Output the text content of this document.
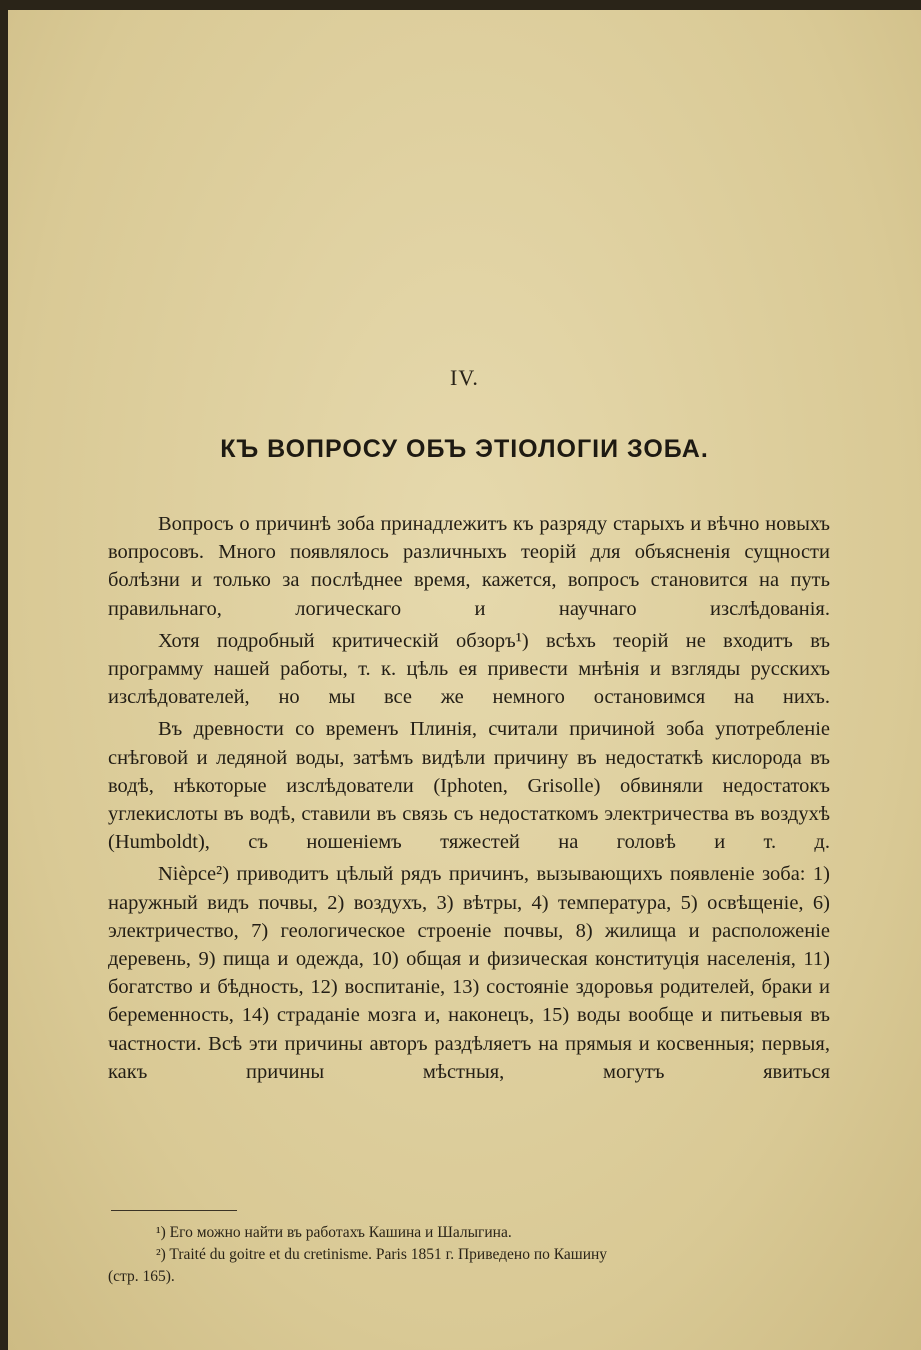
IV.
КЪ ВОПРОСУ ОБЪ ЭТІОЛОГІИ ЗОБА.

Вопросъ о причинѣ зоба принадлежитъ къ разряду старыхъ и вѣчно новыхъ вопросовъ. Много появлялось различныхъ теорій для объясненія сущности болѣзни и только за послѣднее время, кажется, вопросъ становится на путь правильнаго, логическаго и научнаго изслѣдованія.

Хотя подробный критическій обзоръ¹) всѣхъ теорій не входитъ въ программу нашей работы, т. к. цѣль ея привести мнѣнія и взгляды русскихъ изслѣдователей, но мы все же немного остановимся на нихъ.

Въ древности со временъ Плинія, считали причиной зоба употребленіе снѣговой и ледяной воды, затѣмъ видѣли причину въ недостаткѣ кислорода въ водѣ, нѣкоторые изслѣдователи (Iphoten, Grisolle) обвиняли недостатокъ углекислоты въ водѣ, ставили въ связь съ недостаткомъ электричества въ воздухѣ (Humboldt), съ ношеніемъ тяжестей на головѣ и т. д.

Nièpce²) приводитъ цѣлый рядъ причинъ, вызывающихъ появленіе зоба: 1) наружный видъ почвы, 2) воздухъ, 3) вѣтры, 4) температура, 5) освѣщеніе, 6) электричество, 7) геологическое строеніе почвы, 8) жилища и расположеніе деревень, 9) пища и одежда, 10) общая и физическая конституція населенія, 11) богатство и бѣдность, 12) воспитаніе, 13) состояніе здоровья родителей, браки и беременность, 14) страданіе мозга и, наконецъ, 15) воды вообще и питьевыя въ частности. Всѣ эти причины авторъ раздѣляетъ на прямыя и косвенныя; первыя, какъ причины мѣстныя, могутъ явиться

¹) Его можно найти въ работахъ Кашина и Шалыгина.
²) Traité du goitre et du cretinisme. Paris 1851 г. Приведено по Кашину
(стр. 165).
